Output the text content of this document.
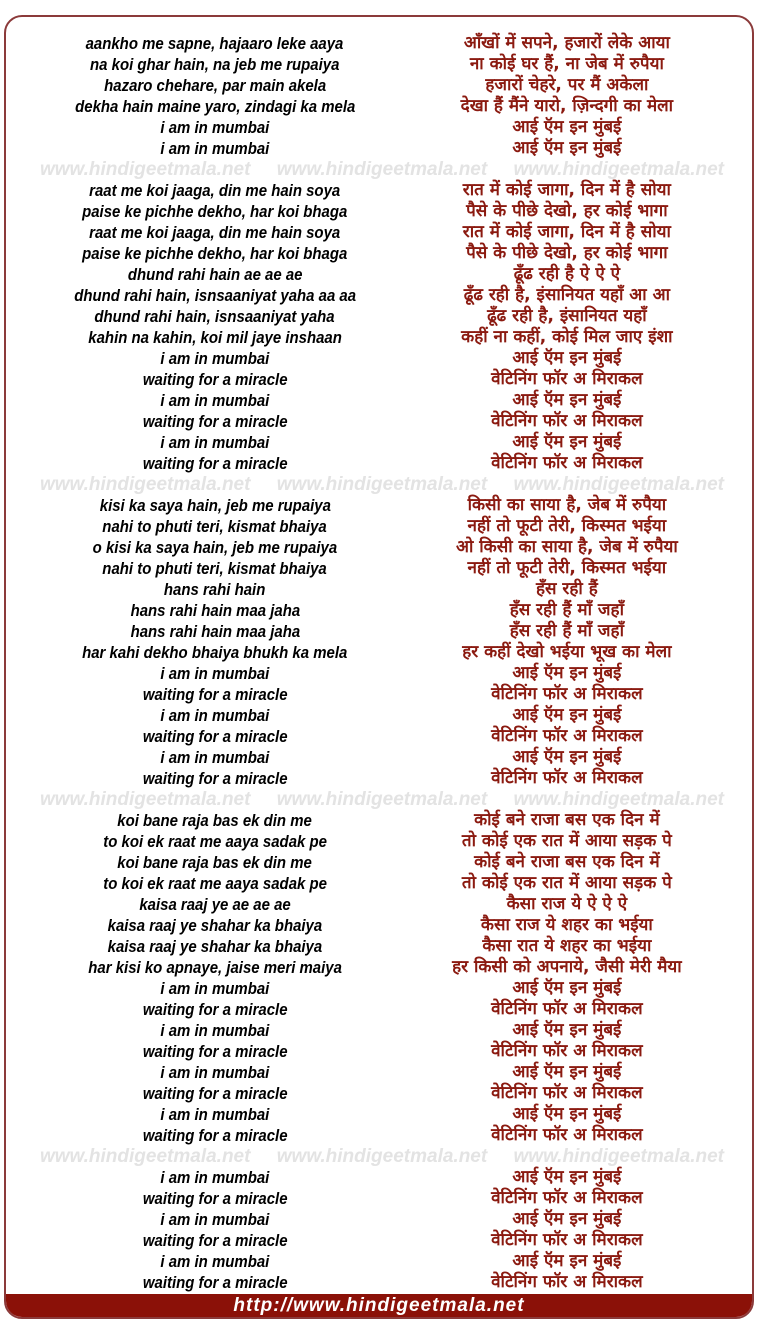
aankho me sapne, hajaaro leke aaya	आँखों में सपने, हजारों लेके आया
na koi ghar hain, na jeb me rupaiya	ना कोई घर हैं, ना जेब में रुपैया
hazaro chehare, par main akela	हजारों चेहरे, पर मैं अकेला
dekha hain maine yaro, zindagi ka mela	देखा हैं मैंने यारो, ज़िन्दगी का मेला
i am in mumbai	आई ऍम इन मुंबई
i am in mumbai	आई ऍम इन मुंबई
www.hindigeetmala.net www.hindigeetmala.net www.hindigeetmala.net
raat me koi jaaga, din me hain soya	रात में कोई जागा, दिन में है सोया
paise ke pichhe dekho, har koi bhaga	पैसे के पीछे देखो, हर कोई भागा
raat me koi jaaga, din me hain soya	रात में कोई जागा, दिन में है सोया
paise ke pichhe dekho, har koi bhaga	पैसे के पीछे देखो, हर कोई भागा
dhund rahi hain ae ae ae	ढूँढ रही है ऐ ऐ ऐ
dhund rahi hain, isnsaaniyat yaha aa aa	ढूँढ रही है, इंसानियत यहाँ आ आ
dhund rahi hain, isnsaaniyat yaha	ढूँढ रही है, इंसानियत यहाँ
kahin na kahin, koi mil jaye inshaan	कहीं ना कहीं, कोई मिल जाए इंशा
i am in mumbai	आई ऍम इन मुंबई
waiting for a miracle	वेटिनिंग फॉर अ मिराकल
i am in mumbai	आई ऍम इन मुंबई
waiting for a miracle	वेटिनिंग फॉर अ मिराकल
i am in mumbai	आई ऍम इन मुंबई
waiting for a miracle	वेटिनिंग फॉर अ मिराकल
www.hindigeetmala.net www.hindigeetmala.net www.hindigeetmala.net
kisi ka saya hain, jeb me rupaiya	किसी का साया है, जेब में रुपैया
nahi to phuti teri, kismat bhaiya	नहीं तो फूटी तेरी, किस्मत भईया
o kisi ka saya hain, jeb me rupaiya	ओ किसी का साया है, जेब में रुपैया
nahi to phuti teri, kismat bhaiya	नहीं तो फूटी तेरी, किस्मत भईया
hans rahi hain	हँस रही हैं
hans rahi hain maa jaha	हँस रही हैं माँ जहाँ
hans rahi hain maa jaha	हँस रही हैं माँ जहाँ
har kahi dekho bhaiya bhukh ka mela	हर कहीं देखो भईया भूख का मेला
i am in mumbai	आई ऍम इन मुंबई
waiting for a miracle	वेटिनिंग फॉर अ मिराकल
i am in mumbai	आई ऍम इन मुंबई
waiting for a miracle	वेटिनिंग फॉर अ मिराकल
i am in mumbai	आई ऍम इन मुंबई
waiting for a miracle	वेटिनिंग फॉर अ मिराकल
www.hindigeetmala.net www.hindigeetmala.net www.hindigeetmala.net
koi bane raja bas ek din me	कोई बने राजा बस एक दिन में
to koi ek raat me aaya sadak pe	तो कोई एक रात में आया सड़क पे
koi bane raja bas ek din me	कोई बने राजा बस एक दिन में
to koi ek raat me aaya sadak pe	तो कोई एक रात में आया सड़क पे
kaisa raaj ye ae ae ae	कैसा राज ये ऐ ऐ ऐ
kaisa raaj ye shahar ka bhaiya	कैसा राज ये शहर का भईया
kaisa raaj ye shahar ka bhaiya	कैसा रात ये शहर का भईया
har kisi ko apnaye, jaise meri maiya	हर किसी को अपनाये, जैसी मेरी मैया
i am in mumbai	आई ऍम इन मुंबई
waiting for a miracle	वेटिनिंग फॉर अ मिराकल
i am in mumbai	आई ऍम इन मुंबई
waiting for a miracle	वेटिनिंग फॉर अ मिराकल
i am in mumbai	आई ऍम इन मुंबई
waiting for a miracle	वेटिनिंग फॉर अ मिराकल
i am in mumbai	आई ऍम इन मुंबई
waiting for a miracle	वेटिनिंग फॉर अ मिराकल
www.hindigeetmala.net www.hindigeetmala.net www.hindigeetmala.net
i am in mumbai	आई ऍम इन मुंबई
waiting for a miracle	वेटिनिंग फॉर अ मिराकल
i am in mumbai	आई ऍम इन मुंबई
waiting for a miracle	वेटिनिंग फॉर अ मिराकल
i am in mumbai	आई ऍम इन मुंबई
waiting for a miracle	वेटिनिंग फॉर अ मिराकल
http://www.hindigeetmala.net
